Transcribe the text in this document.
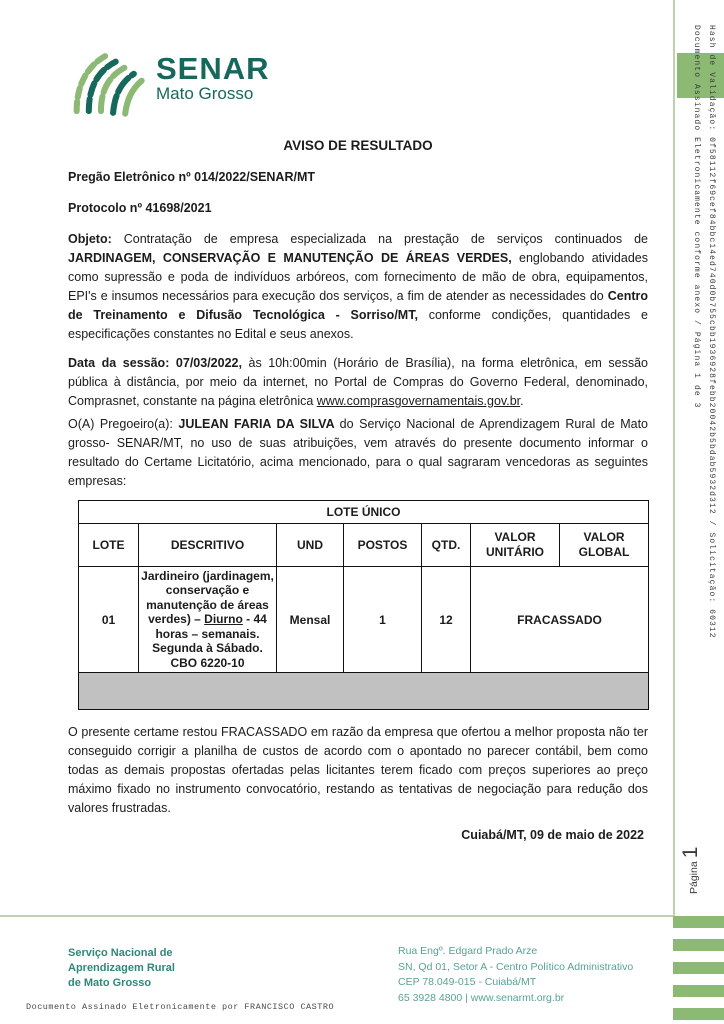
SENAR
Mato Grosso
AVISO DE RESULTADO
Pregão Eletrônico nº 014/2022/SENAR/MT
Protocolo nº 41698/2021

Objeto: Contratação de empresa especializada na prestação de serviços continuados de JARDINAGEM, CONSERVAÇÃO E MANUTENÇÃO DE ÁREAS VERDES, englobando atividades como supressão e poda de indivíduos arbóreos, com fornecimento de mão de obra, equipamentos, EPI's e insumos necessários para execução dos serviços, a fim de atender as necessidades do Centro de Treinamento e Difusão Tecnológica - Sorriso/MT, conforme condições, quantidades e especificações constantes no Edital e seus anexos.

Data da sessão: 07/03/2022, às 10h:00min (Horário de Brasília), na forma eletrônica, em sessão pública à distância, por meio da internet, no Portal de Compras do Governo Federal, denominado, Comprasnet, constante na página eletrônica www.comprasgovernamentais.gov.br.

O(A) Pregoeiro(a): JULEAN FARIA DA SILVA do Serviço Nacional de Aprendizagem Rural de Mato grosso- SENAR/MT, no uso de suas atribuições, vem através do presente documento informar o resultado do Certame Licitatório, acima mencionado, para o qual sagraram vencedoras as seguintes empresas:

LOTE ÚNICO						
LOTE	DESCRITIVO	UND	POSTOS	QTD.	VALOR UNITÁRIO	VALOR GLOBAL
01	Jardineiro (jardinagem, conservação e manutenção de áreas verdes) – Diurno - 44 horas – semanais. Segunda à Sábado. CBO 6220-10	Mensal	1	12	FRACASSADO	

O presente certame restou FRACASSADO em razão da empresa que ofertou a melhor proposta não ter conseguido corrigir a planilha de custos de acordo com o apontado no parecer contábil, bem como todas as demais propostas ofertadas pelas licitantes terem ficado com preços superiores ao preço máximo fixado no instrumento convocatório, restando as tentativas de negociação para redução dos valores frustradas.

Cuiabá/MT, 09 de maio de 2022
Serviço Nacional de
Aprendizagem Rural
de Mato Grosso
Rua Engº. Edgard Prado Arze
SN, Qd 01, Setor A - Centro Político Administrativo
CEP 78.049-015 - Cuiabá/MT
65 3928 4800 | www.senarmt.org.br
Documento Assinado Eletronicamente por FRANCISCO CASTRO
Hash de Validação: 0f58112f69cef84bbc14ed740d0b755cbb1936928febb20042b5bdab5932d312 / Solicitação: 60312
Documento Assinado Eletronicamente conforme anexo / Página 1 de 3
Página1
